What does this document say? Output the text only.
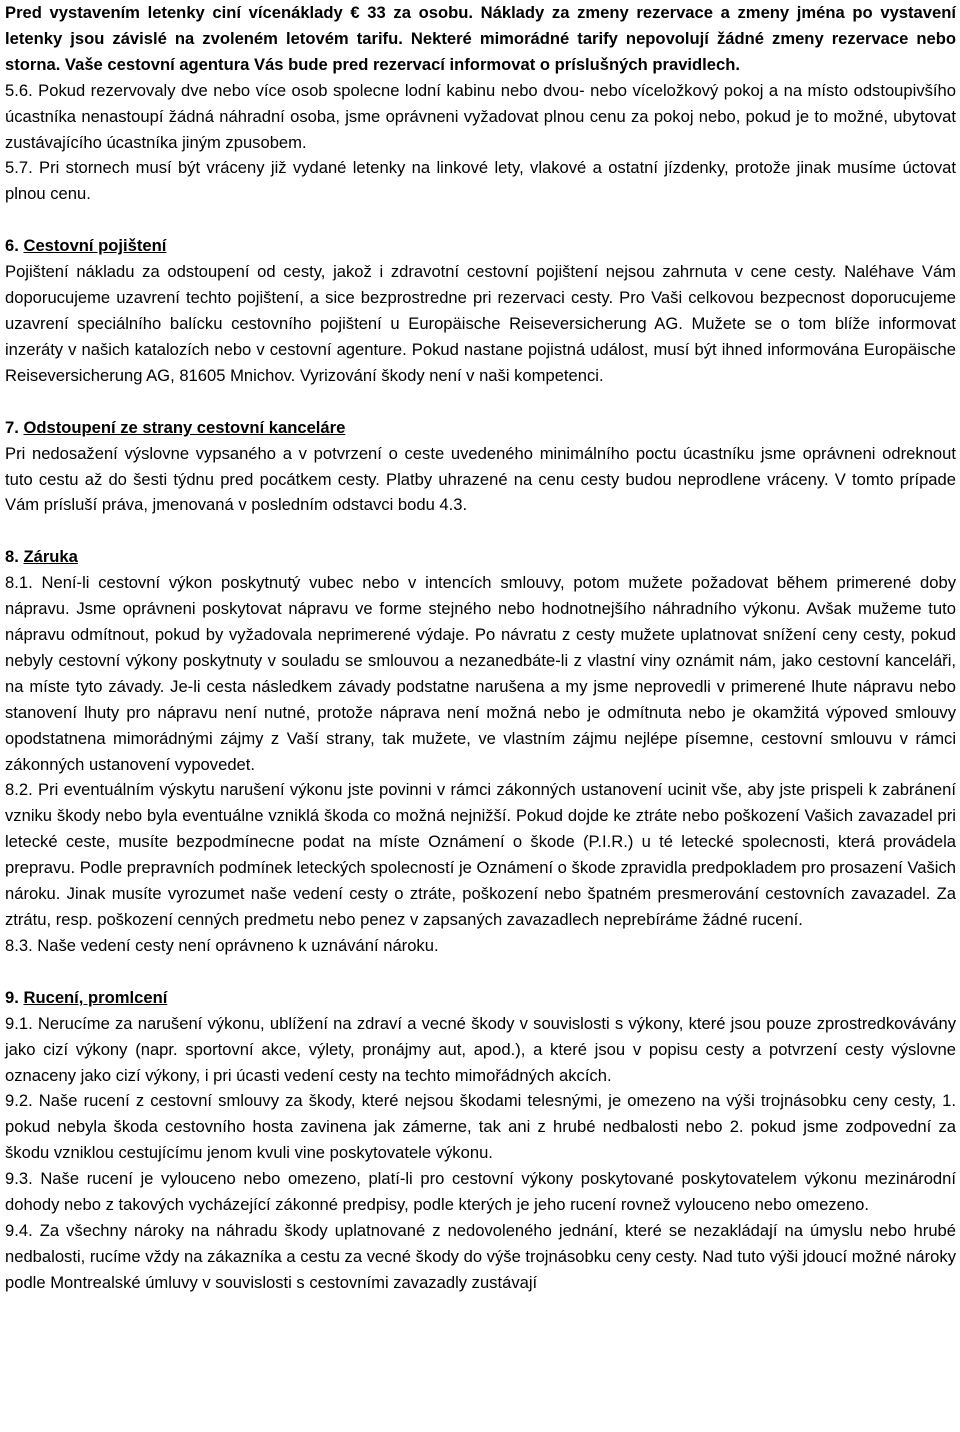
Pred vystavením letenky ciní vícenáklady € 33 za osobu. Náklady za zmeny rezervace a zmeny jména po vystavení letenky jsou závislé na zvoleném letovém tarifu. Nekteré mimorádné tarify nepovolují žádné zmeny rezervace nebo storna. Vaše cestovní agentura Vás bude pred rezervací informovat o príslušných pravidlech.

5.6. Pokud rezervovaly dve nebo více osob spolecne lodní kabinu nebo dvou- nebo víceložkový pokoj a na místo odstoupivšího úcastníka nenastoupí žádná náhradní osoba, jsme oprávneni vyžadovat plnou cenu za pokoj nebo, pokud je to možné, ubytovat zustávajícího úcastníka jiným zpusobem.

5.7. Pri stornech musí být vráceny již vydané letenky na linkové lety, vlakové a ostatní jízdenky, protože jinak musíme úctovat plnou cenu.

6. Cestovní pojištení

Pojištení nákladu za odstoupení od cesty, jakož i zdravotní cestovní pojištení nejsou zahrnuta v cene cesty. Naléhave Vám doporucujeme uzavrení techto pojištení, a sice bezprostredne pri rezervaci cesty. Pro Vaši celkovou bezpecnost doporucujeme uzavrení speciálního balícku cestovního pojištení u Europäische Reiseversicherung AG. Mužete se o tom blíže informovat inzeráty v našich katalozích nebo v cestovní agenture. Pokud nastane pojistná událost, musí být ihned informována Europäische Reiseversicherung AG, 81605 Mnichov. Vyrizování škody není v naši kompetenci.

7. Odstoupení ze strany cestovní kanceláre

Pri nedosažení výslovne vypsaného a v potvrzení o ceste uvedeného minimálního poctu úcastníku jsme oprávneni odreknout tuto cestu až do šesti týdnu pred pocátkem cesty. Platby uhrazené na cenu cesty budou neprodlene vráceny. V tomto prípade Vám prísluší práva, jmenovaná v posledním odstavci bodu 4.3.

8. Záruka

8.1. Není-li cestovní výkon poskytnutý vubec nebo v intencích smlouvy, potom mužete požadovat během primerené doby nápravu. Jsme oprávneni poskytovat nápravu ve forme stejného nebo hodnotnejšího náhradního výkonu. Avšak mužeme tuto nápravu odmítnout, pokud by vyžadovala neprimerené výdaje. Po návratu z cesty mužete uplatnovat snížení ceny cesty, pokud nebyly cestovní výkony poskytnuty v souladu se smlouvou a nezanedbáte-li z vlastní viny oznámit nám, jako cestovní kanceláři, na míste tyto závady. Je-li cesta následkem závady podstatne narušena a my jsme neprovedli v primerené lhute nápravu nebo stanovení lhuty pro nápravu není nutné, protože náprava není možná nebo je odmítnuta nebo je okamžitá výpoved smlouvy opodstatnena mimorádnými zájmy z Vaší strany, tak mužete, ve vlastním zájmu nejlépe písemne, cestovní smlouvu v rámci zákonných ustanovení vypovedet.

8.2. Pri eventuálním výskytu narušení výkonu jste povinni v rámci zákonných ustanovení ucinit vše, aby jste prispeli k zabránení vzniku škody nebo byla eventuálne vzniklá škoda co možná nejnižší. Pokud dojde ke ztráte nebo poškození Vašich zavazadel pri letecké ceste, musíte bezpodmínecne podat na míste Oznámení o škode (P.I.R.) u té letecké spolecnosti, která provádela prepravu. Podle prepravních podmínek leteckých spolecností je Oznámení o škode zpravidla predpokladem pro prosazení Vašich nároku. Jinak musíte vyrozumet naše vedení cesty o ztráte, poškození nebo špatném presmerování cestovních zavazadel. Za ztrátu, resp. poškození cenných predmetu nebo penez v zapsaných zavazadlech neprebíráme žádné rucení.

8.3. Naše vedení cesty není oprávneno k uznávání nároku.

9. Rucení, promlcení

9.1. Nerucíme za narušení výkonu, ublížení na zdraví a vecné škody v souvislosti s výkony, které jsou pouze zprostredkovávány jako cizí výkony (napr. sportovní akce, výlety, pronájmy aut, apod.), a které jsou v popisu cesty a potvrzení cesty výslovne oznaceny jako cizí výkony, i pri úcasti vedení cesty na techto mimořádných akcích.

9.2. Naše rucení z cestovní smlouvy za škody, které nejsou škodami telesnými, je omezeno na výši trojnásobku ceny cesty, 1. pokud nebyla škoda cestovního hosta zavinena jak zámerne, tak ani z hrubé nedbalosti nebo 2. pokud jsme zodpovední za škodu vzniklou cestujícímu jenom kvuli vine poskytovatele výkonu.

9.3. Naše rucení je vylouceno nebo omezeno, platí-li pro cestovní výkony poskytované poskytovatelem výkonu mezinárodní dohody nebo z takových vycházející zákonné predpisy, podle kterých je jeho rucení rovnež vylouceno nebo omezeno.

9.4. Za všechny nároky na náhradu škody uplatnované z nedovoleného jednání, které se nezakládají na úmyslu nebo hrubé nedbalosti, rucíme vždy na zákazníka a cestu za vecné škody do výše trojnásobku ceny cesty. Nad tuto výši jdoucí možné nároky podle Montrealské úmluvy v souvislosti s cestovními zavazadly zustávají
